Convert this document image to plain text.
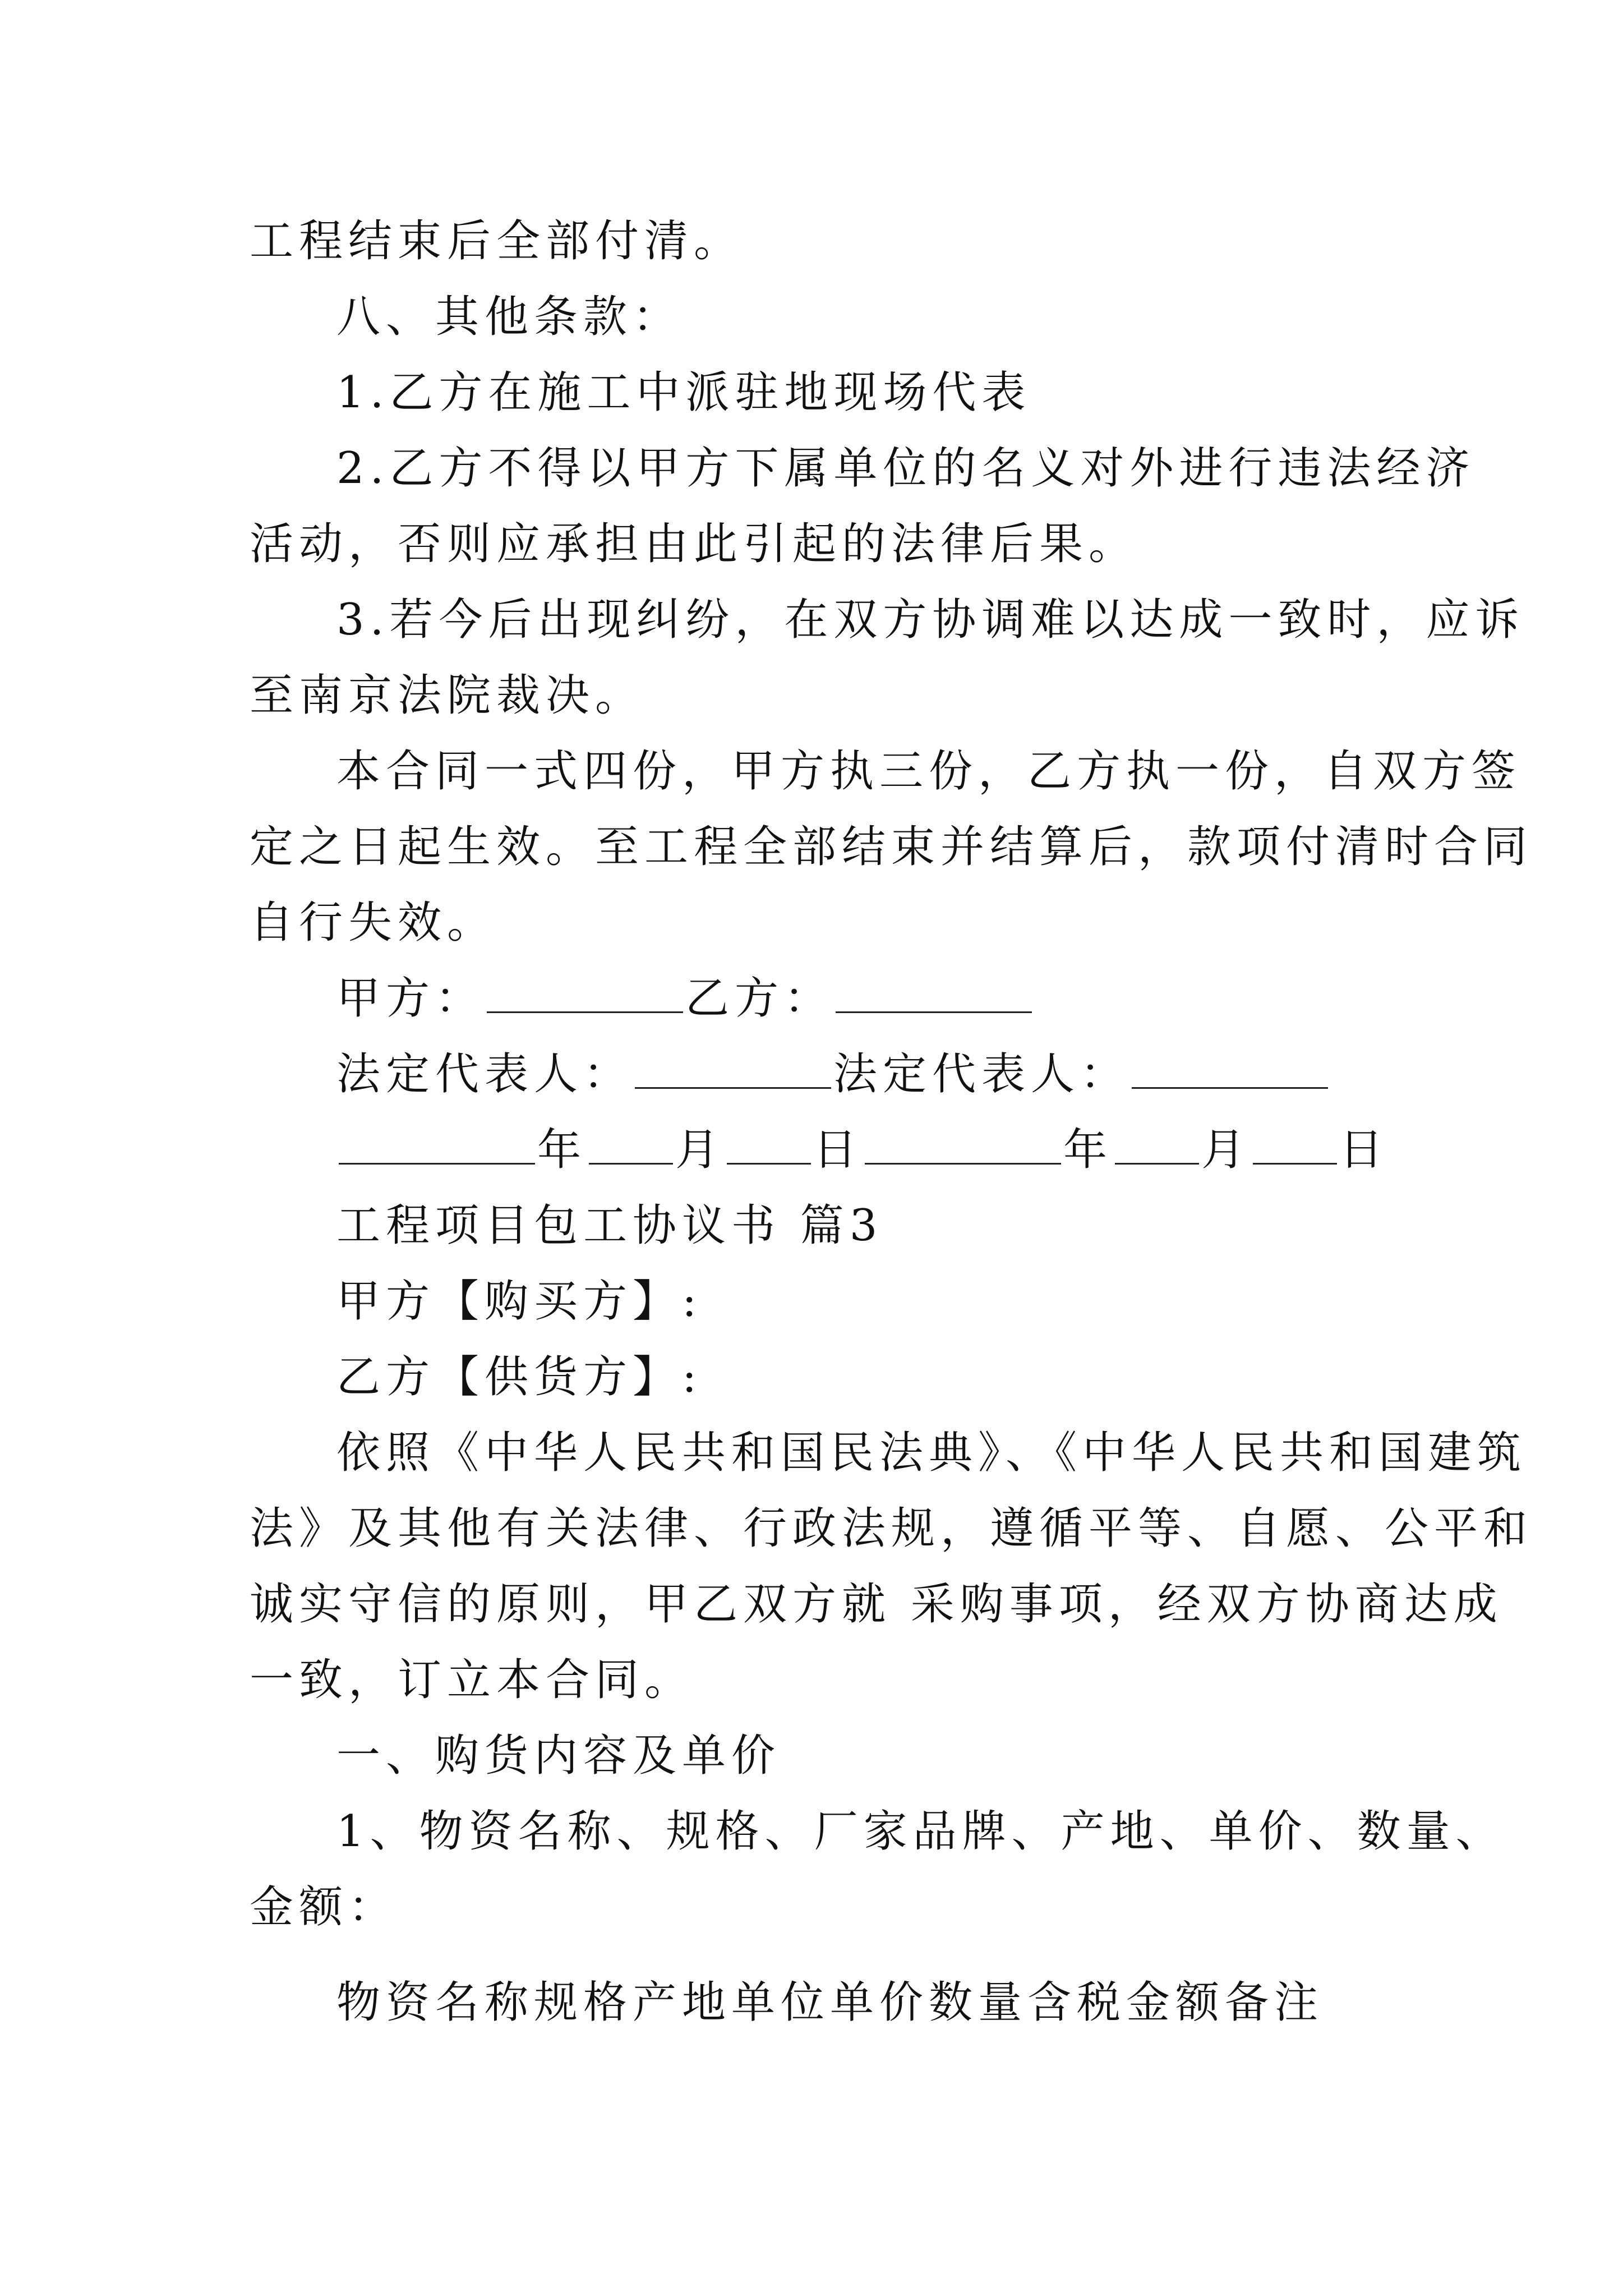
工程结束后全部付清。
八、其他条款：
1.乙方在施工中派驻地现场代表
2.乙方不得以甲方下属单位的名义对外进行违法经济
活动，否则应承担由此引起的法律后果。
3.若今后出现纠纷，在双方协调难以达成一致时，应诉
至南京法院裁决。
本合同一式四份，甲方执三份，乙方执一份，自双方签
定之日起生效。至工程全部结束并结算后，款项付清时合同
自行失效。
甲方：	乙方：
法定代表人：	法定代表人：
年 月 日	年 月 日
工程项目包工协议书 篇3
甲方【购买方】:
乙方【供货方】:
依照《中华人民共和国民法典》、《中华人民共和国建筑
法》及其他有关法律、行政法规，遵循平等、自愿、公平和
诚实守信的原则，甲乙双方就 采购事项，经双方协商达成
一致，订立本合同。
一、购货内容及单价
1、物资名称、规格、厂家品牌、产地、单价、数量、
金额：
物资名称规格产地单位单价数量含税金额备注
